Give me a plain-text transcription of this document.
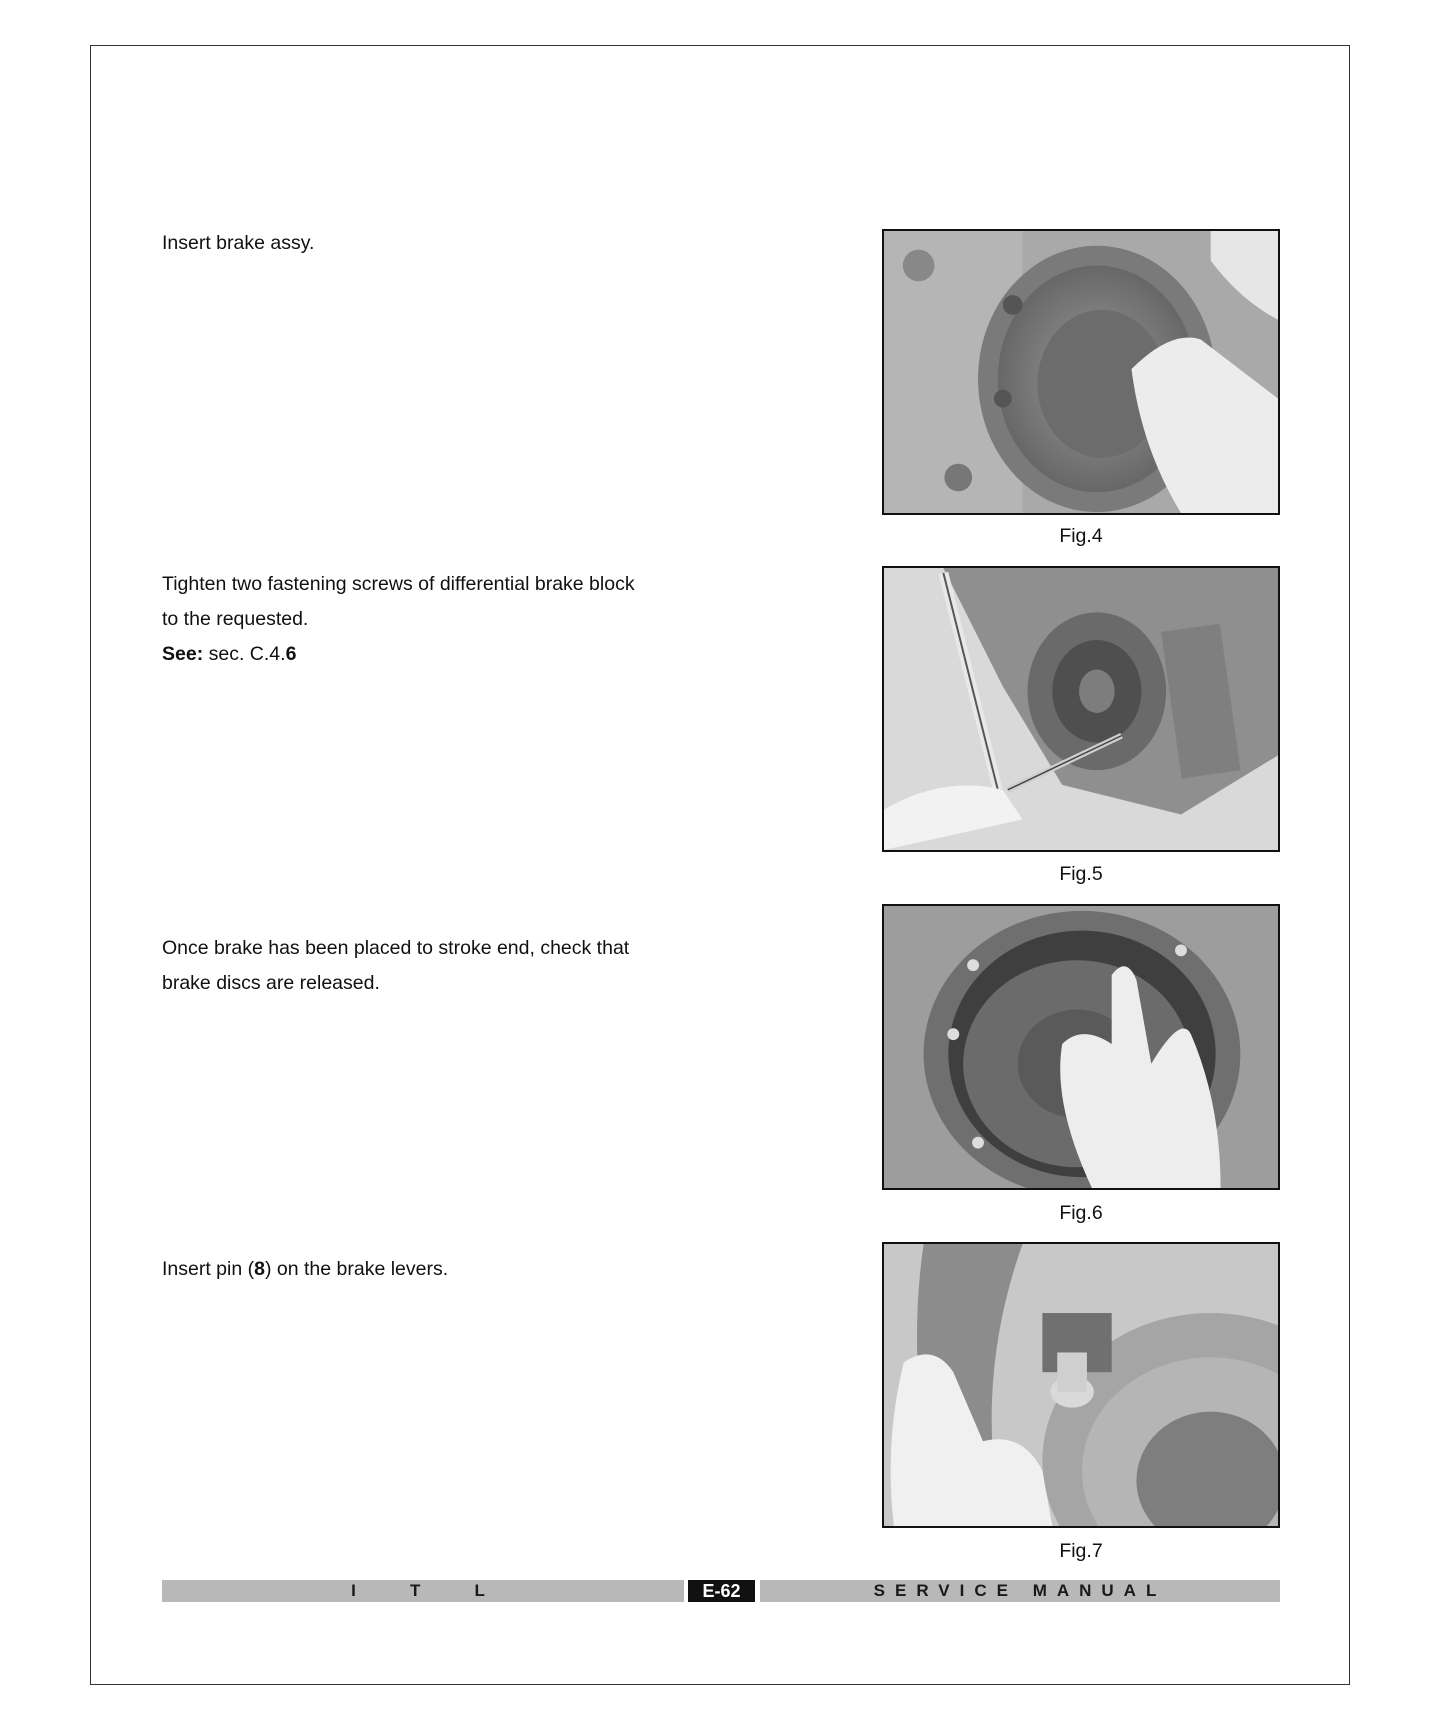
Insert brake assy.

Fig.4

Tighten two fastening screws of differential brake block

to the requested.

See: sec. C.4.6

Fig.5

Once brake has been placed to stroke end, check that

brake discs are released.

Fig.6

Insert pin (8) on the brake levers.

Fig.7
I   T   L	E-62	SERVICE MANUAL
